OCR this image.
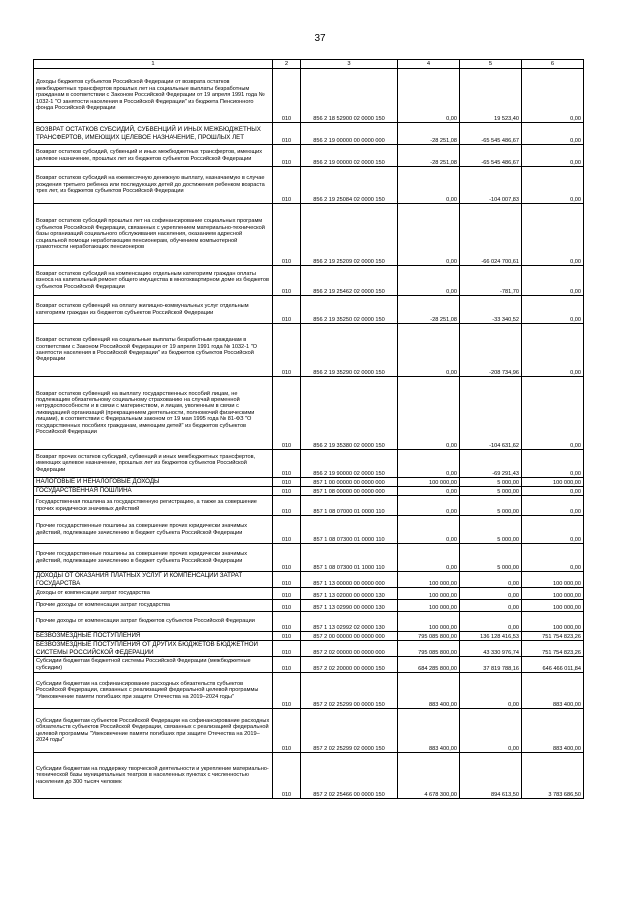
37
1	2	3	4	5	6
Доходы бюджетов субъектов Российской Федерации от возврата остатков межбюджетных трансфертов прошлых лет на социальные выплаты безработным гражданам в соответствии с Законом Российской Федерации от 19 апреля 1991 года № 1032-1 "О занятости населения в Российской Федерации" из бюджета Пенсионного фонда Российской Федерации	010	856 2 18 52900 02 0000 150	0,00	19 523,40	0,00
ВОЗВРАТ ОСТАТКОВ СУБСИДИЙ, СУБВЕНЦИЙ И ИНЫХ МЕЖБЮДЖЕТНЫХ ТРАНСФЕРТОВ, ИМЕЮЩИХ ЦЕЛЕВОЕ НАЗНАЧЕНИЕ, ПРОШЛЫХ ЛЕТ	010	856 2 19 00000 00 0000 000	-28 251,08	-65 545 486,67	0,00
Возврат остатков субсидий, субвенций и иных межбюджетных трансфертов, имеющих целевое назначение, прошлых лет из бюджетов субъектов Российской Федерации	010	856 2 19 00000 02 0000 150	-28 251,08	-65 545 486,67	0,00
Возврат остатков субсидий на ежемесячную денежную выплату, назначаемую в случае рождения третьего ребенка или последующих детей до достижения ребенком возраста трех лет, из бюджетов субъектов Российской Федерации	010	856 2 19 25084 02 0000 150	0,00	-104 007,83	0,00
Возврат остатков субсидий прошлых лет на софинансирование социальных программ субъектов Российской Федерации, связанных с укреплением материально-технической базы организаций социального обслуживания населения, оказанием адресной социальной помощи неработающим пенсионерам, обучением компьютерной грамотности неработающих пенсионеров	010	856 2 19 25209 02 0000 150	0,00	-66 024 700,61	0,00
Возврат остатков субсидий на компенсацию отдельным категориям граждан оплаты взноса на капитальный ремонт общего имущества в многоквартирном доме из бюджетов субъектов Российской Федерации	010	856 2 19 25462 02 0000 150	0,00	-781,70	0,00
Возврат остатков субвенций на оплату жилищно-коммунальных услуг отдельным категориям граждан из бюджетов субъектов Российской Федерации	010	856 2 19 35250 02 0000 150	-28 251,08	-33 340,52	0,00
Возврат остатков субвенций на социальные выплаты безработным гражданам в соответствии с Законом Российской Федерации от 19 апреля 1991 года № 1032-1 "О занятости населения в Российской Федерации" из бюджетов субъектов Российской Федерации	010	856 2 19 35290 02 0000 150	0,00	-208 734,96	0,00
Возврат остатков субвенций на выплату государственных пособий лицам, не подлежащим обязательному социальному страхованию на случай временной нетрудоспособности и в связи с материнством, и лицам, уволенным в связи с ликвидацией организаций (прекращением деятельности, полномочий физическими лицами), в соответствии с Федеральным законом от 19 мая 1995 года № 81-ФЗ "О государственных пособиях гражданам, имеющим детей" из бюджетов субъектов Российской Федерации	010	856 2 19 35380 02 0000 150	0,00	-104 631,62	0,00
Возврат прочих остатков субсидий, субвенций и иных межбюджетных трансфертов, имеющих целевое назначение, прошлых лет из бюджетов субъектов Российской Федерации	010	856 2 19 90000 02 0000 150	0,00	-69 291,43	0,00
НАЛОГОВЫЕ И НЕНАЛОГОВЫЕ ДОХОДЫ	010	857 1 00 00000 00 0000 000	100 000,00	5 000,00	100 000,00
ГОСУДАРСТВЕННАЯ ПОШЛИНА	010	857 1 08 00000 00 0000 000	0,00	5 000,00	0,00
Государственная пошлина за государственную регистрацию, а также за совершение прочих юридически значимых действий	010	857 1 08 07000 01 0000 110	0,00	5 000,00	0,00
Прочие государственные пошлины за совершение прочих юридически значимых действий, подлежащие зачислению в бюджет субъекта Российской Федерации	010	857 1 08 07300 01 0000 110	0,00	5 000,00	0,00
Прочие государственные пошлины за совершение прочих юридически значимых действий, подлежащие зачислению в бюджет субъекта Российской Федерации	010	857 1 08 07300 01 1000 110	0,00	5 000,00	0,00
ДОХОДЫ ОТ ОКАЗАНИЯ ПЛАТНЫХ УСЛУГ И КОМПЕНСАЦИИ ЗАТРАТ ГОСУДАРСТВА	010	857 1 13 00000 00 0000 000	100 000,00	0,00	100 000,00
Доходы от компенсации затрат государства	010	857 1 13 02000 00 0000 130	100 000,00	0,00	100 000,00
Прочие доходы от компенсации затрат государства	010	857 1 13 02990 00 0000 130	100 000,00	0,00	100 000,00
Прочие доходы от компенсации затрат бюджетов субъектов Российской Федерации	010	857 1 13 02992 02 0000 130	100 000,00	0,00	100 000,00
БЕЗВОЗМЕЗДНЫЕ ПОСТУПЛЕНИЯ	010	857 2 00 00000 00 0000 000	795 085 800,00	136 128 416,53	751 754 823,26
БЕЗВОЗМЕЗДНЫЕ ПОСТУПЛЕНИЯ ОТ ДРУГИХ БЮДЖЕТОВ БЮДЖЕТНОЙ СИСТЕМЫ РОССИЙСКОЙ ФЕДЕРАЦИИ	010	857 2 02 00000 00 0000 000	795 085 800,00	43 330 976,74	751 754 823,26
Субсидии бюджетам бюджетной системы Российской Федерации (межбюджетные субсидии)	010	857 2 02 20000 00 0000 150	684 285 800,00	37 819 788,16	646 466 011,84
Субсидии бюджетам на софинансирование расходных обязательств субъектов Российской Федерации, связанных с реализацией федеральной целевой программы "Увековечение памяти погибших при защите Отечества на 2019–2024 годы"	010	857 2 02 25299 00 0000 150	883 400,00	0,00	883 400,00
Субсидии бюджетам субъектов Российской Федерации на софинансирование расходных обязательств субъектов Российской Федерации, связанных с реализацией федеральной целевой программы "Увековечение памяти погибших при защите Отечества на 2019–2024 годы"	010	857 2 02 25299 02 0000 150	883 400,00	0,00	883 400,00
Субсидии бюджетам на поддержку творческой деятельности и укрепление материально-технической базы муниципальных театров в населенных пунктах с численностью населения до 300 тысяч человек	010	857 2 02 25466 00 0000 150	4 678 300,00	894 613,50	3 783 686,50
